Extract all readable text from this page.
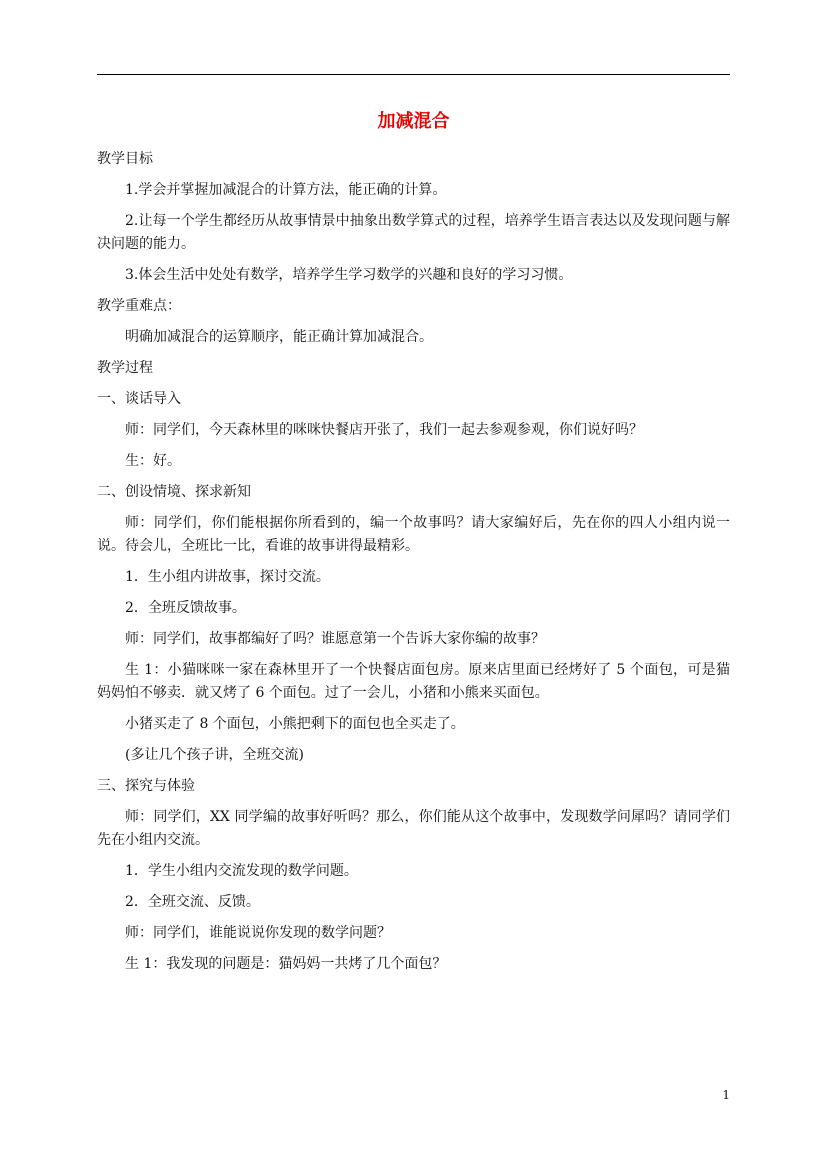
加减混合

教学目标

1.学会并掌握加减混合的计算方法，能正确的计算。

2.让每一个学生都经历从故事情景中抽象出数学算式的过程，培养学生语言表达以及发现问题与解决问题的能力。

3.体会生活中处处有数学，培养学生学习数学的兴趣和良好的学习习惯。

教学重难点：

明确加减混合的运算顺序，能正确计算加减混合。

教学过程

一、谈话导入

师：同学们，今天森林里的咪咪快餐店开张了，我们一起去参观参观，你们说好吗？

生：好。

二、创设情境、探求新知

师：同学们，你们能根据你所看到的，编一个故事吗？请大家编好后，先在你的四人小组内说一说。待会儿，全班比一比，看谁的故事讲得最精彩。

1．生小组内讲故事，探讨交流。

2．全班反馈故事。

师：同学们，故事都编好了吗？谁愿意第一个告诉大家你编的故事？

生 1：小猫咪咪一家在森林里开了一个快餐店面包房。原来店里面已经烤好了 5 个面包，可是猫妈妈怕不够卖．就又烤了 6 个面包。过了一会儿，小猪和小熊来买面包。

小猪买走了 8 个面包，小熊把剩下的面包也全买走了。

(多让几个孩子讲，全班交流)

三、探究与体验

师：同学们，XX 同学编的故事好听吗？那么，你们能从这个故事中，发现数学问犀吗？请同学们先在小组内交流。

1．学生小组内交流发现的数学问题。

2．全班交流、反馈。

师：同学们，谁能说说你发现的数学问题？

生 1：我发现的问题是：猫妈妈一共烤了几个面包？

1
